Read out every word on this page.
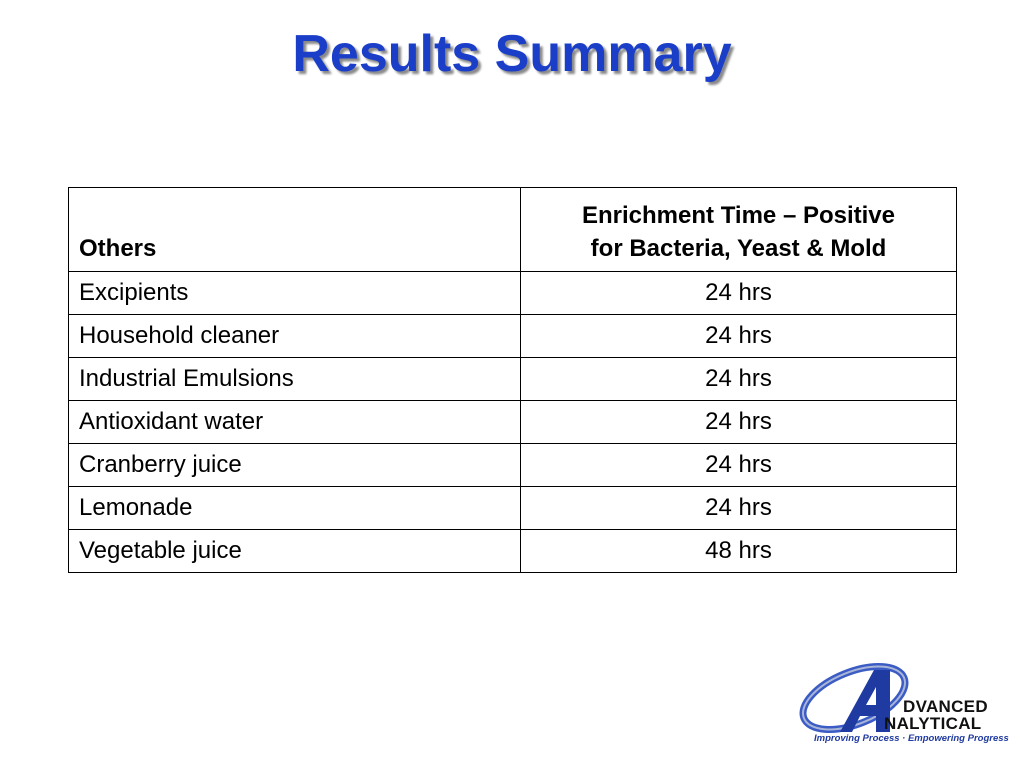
Results Summary
Others	Enrichment Time – Positive
for Bacteria, Yeast & Mold
Excipients	24 hrs
Household cleaner	24 hrs
Industrial Emulsions	24 hrs
Antioxidant water	24 hrs
Cranberry juice	24 hrs
Lemonade	24 hrs
Vegetable juice	48 hrs
DVANCED
NALYTICAL
Improving Process · Empowering Progress
